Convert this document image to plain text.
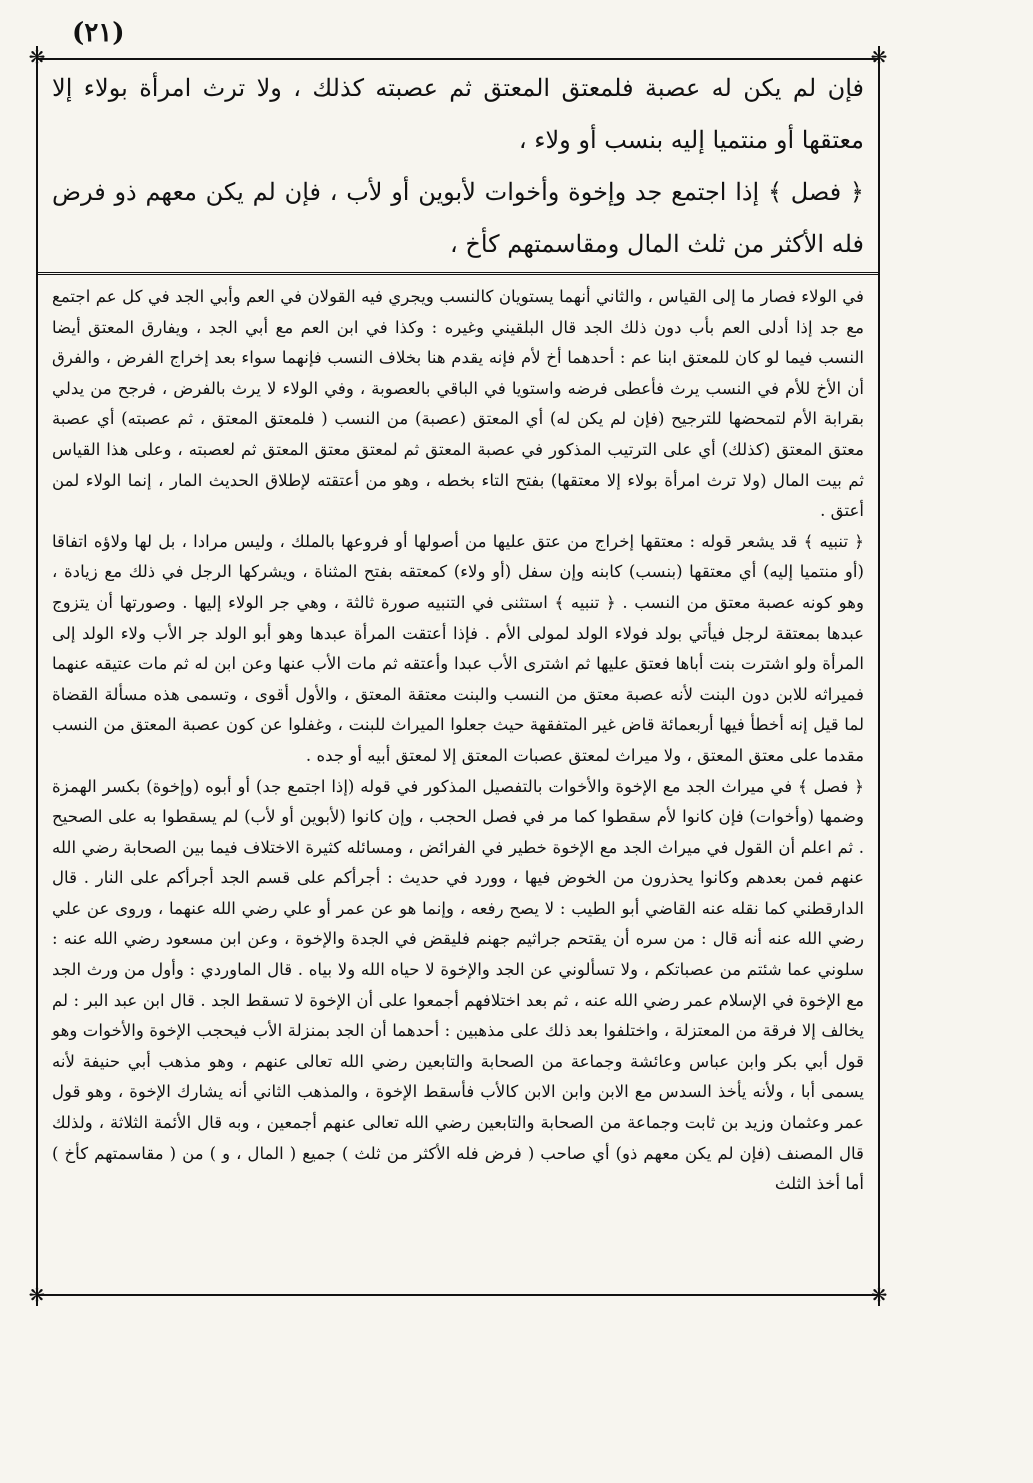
(٢١)
❋	❋
❋	❋

فإن لم يكن له عصبة فلمعتق المعتق ثم عصبته كذلك ، ولا ترث امرأة بولاء إلا معتقها أو منتميا إليه بنسب أو ولاء ،

﴿ فصل ﴾ إذا اجتمع جد وإخوة وأخوات لأبوين أو لأب ، فإن لم يكن معهم ذو فرض فله الأكثر من ثلث المال ومقاسمتهم كأخ ،

في الولاء فصار ما إلى القياس ، والثاني أنهما يستويان كالنسب ويجري فيه القولان في العم وأبي الجد في كل عم اجتمع مع جد إذا أدلى العم بأب دون ذلك الجد قال البلقيني وغيره : وكذا في ابن العم مع أبي الجد ، ويفارق المعتق أيضا النسب فيما لو كان للمعتق ابنا عم : أحدهما أخ لأم فإنه يقدم هنا بخلاف النسب فإنهما سواء بعد إخراج الفرض ، والفرق أن الأخ للأم في النسب يرث فأعطى فرضه واستويا في الباقي بالعصوبة ، وفي الولاء لا يرث بالفرض ، فرجح من يدلي بقرابة الأم لتمحضها للترجيح (فإن لم يكن له) أي المعتق (عصبة) من النسب ( فلمعتق المعتق ، ثم عصبته) أي عصبة معتق المعتق (كذلك) أي على الترتيب المذكور في عصبة المعتق ثم لمعتق معتق المعتق ثم لعصبته ، وعلى هذا القياس ثم بيت المال (ولا ترث امرأة بولاء إلا معتقها) بفتح التاء بخطه ، وهو من أعتقته لإطلاق الحديث المار ، إنما الولاء لمن أعتق .

﴿ تنبيه ﴾ قد يشعر قوله : معتقها إخراج من عتق عليها من أصولها أو فروعها بالملك ، وليس مرادا ، بل لها ولاؤه اتفاقا (أو منتميا إليه) أي معتقها (بنسب) كابنه وإن سفل (أو ولاء) كمعتقه بفتح المثناة ، ويشركها الرجل في ذلك مع زيادة ، وهو كونه عصبة معتق من النسب . ﴿ تنبيه ﴾ استثنى في التنبيه صورة ثالثة ، وهي جر الولاء إليها . وصورتها أن يتزوج عبدها بمعتقة لرجل فيأتي بولد فولاء الولد لمولى الأم . فإذا أعتقت المرأة عبدها وهو أبو الولد جر الأب ولاء الولد إلى المرأة ولو اشترت بنت أباها فعتق عليها ثم اشترى الأب عبدا وأعتقه ثم مات الأب عنها وعن ابن له ثم مات عتيقه عنهما فميراثه للابن دون البنت لأنه عصبة معتق من النسب والبنت معتقة المعتق ، والأول أقوى ، وتسمى هذه مسألة القضاة لما قيل إنه أخطأ فيها أربعمائة قاض غير المتفقهة حيث جعلوا الميراث للبنت ، وغفلوا عن كون عصبة المعتق من النسب مقدما على معتق المعتق ، ولا ميراث لمعتق عصبات المعتق إلا لمعتق أبيه أو جده .

﴿ فصل ﴾ في ميراث الجد مع الإخوة والأخوات بالتفصيل المذكور في قوله (إذا اجتمع جد) أو أبوه (وإخوة) بكسر الهمزة وضمها (وأخوات) فإن كانوا لأم سقطوا كما مر في فصل الحجب ، وإن كانوا (لأبوين أو لأب) لم يسقطوا به على الصحيح . ثم اعلم أن القول في ميراث الجد مع الإخوة خطير في الفرائض ، ومسائله كثيرة الاختلاف فيما بين الصحابة رضي الله عنهم فمن بعدهم وكانوا يحذرون من الخوض فيها ، وورد في حديث : أجرأكم على قسم الجد أجرأكم على النار . قال الدارقطني كما نقله عنه القاضي أبو الطيب : لا يصح رفعه ، وإنما هو عن عمر أو علي رضي الله عنهما ، وروى عن علي رضي الله عنه أنه قال : من سره أن يقتحم جراثيم جهنم فليقض في الجدة والإخوة ، وعن ابن مسعود رضي الله عنه : سلوني عما شئتم من عصباتكم ، ولا تسألوني عن الجد والإخوة لا حياه الله ولا بياه . قال الماوردي : وأول من ورث الجد مع الإخوة في الإسلام عمر رضي الله عنه ، ثم بعد اختلافهم أجمعوا على أن الإخوة لا تسقط الجد . قال ابن عبد البر : لم يخالف إلا فرقة من المعتزلة ، واختلفوا بعد ذلك على مذهبين : أحدهما أن الجد بمنزلة الأب فيحجب الإخوة والأخوات وهو قول أبي بكر وابن عباس وعائشة وجماعة من الصحابة والتابعين رضي الله تعالى عنهم ، وهو مذهب أبي حنيفة لأنه يسمى أبا ، ولأنه يأخذ السدس مع الابن وابن الابن كالأب فأسقط الإخوة ، والمذهب الثاني أنه يشارك الإخوة ، وهو قول عمر وعثمان وزيد بن ثابت وجماعة من الصحابة والتابعين رضي الله تعالى عنهم أجمعين ، وبه قال الأئمة الثلاثة ، ولذلك قال المصنف (فإن لم يكن معهم ذو) أي صاحب ( فرض فله الأكثر من ثلث ) جميع ( المال ، و ) من ( مقاسمتهم كأخ ) أما أخذ الثلث
